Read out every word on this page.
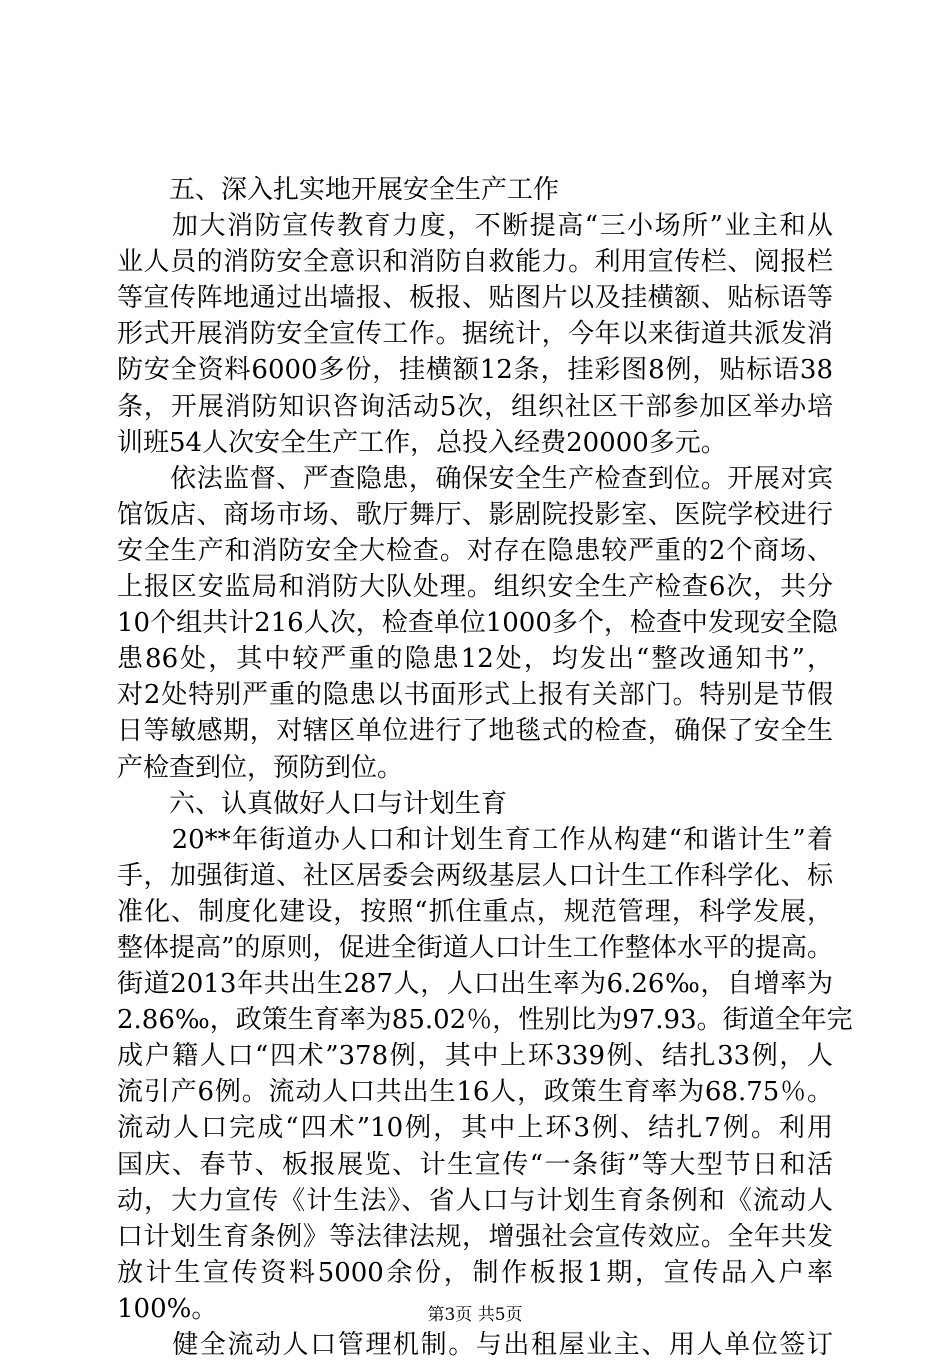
　　五、深入扎实地开展安全生产工作
　　加大消防宣传教育力度，不断提高“三小场所”业主和从
业人员的消防安全意识和消防自救能力。利用宣传栏、阅报栏
等宣传阵地通过出墙报、板报、贴图片以及挂横额、贴标语等
形式开展消防安全宣传工作。据统计，今年以来街道共派发消
防安全资料6000多份，挂横额12条，挂彩图8例，贴标语38
条，开展消防知识咨询活动5次，组织社区干部参加区举办培
训班54人次安全生产工作，总投入经费20000多元。
　　依法监督、严查隐患，确保安全生产检查到位。开展对宾
馆饭店、商场市场、歌厅舞厅、影剧院投影室、医院学校进行
安全生产和消防安全大检查。对存在隐患较严重的2个商场、
上报区安监局和消防大队处理。组织安全生产检查6次，共分
10个组共计216人次，检查单位1000多个，检查中发现安全隐
患86处，其中较严重的隐患12处，均发出“整改通知书”，
对2处特别严重的隐患以书面形式上报有关部门。特别是节假
日等敏感期，对辖区单位进行了地毯式的检查，确保了安全生
产检查到位，预防到位。
　　六、认真做好人口与计划生育
　　20**年街道办人口和计划生育工作从构建“和谐计生”着
手，加强街道、社区居委会两级基层人口计生工作科学化、标
准化、制度化建设，按照“抓住重点，规范管理，科学发展，
整体提高”的原则，促进全街道人口计生工作整体水平的提高。
街道2013年共出生287人，人口出生率为6.26‰，自增率为
2.86‰，政策生育率为85.02％，性别比为97.93。街道全年完
成户籍人口“四术”378例，其中上环339例、结扎33例，人
流引产6例。流动人口共出生16人，政策生育率为68.75％。
流动人口完成“四术”10例，其中上环3例、结扎7例。利用
国庆、春节、板报展览、计生宣传“一条街”等大型节日和活
动，大力宣传《计生法》、省人口与计划生育条例和《流动人
口计划生育条例》等法律法规，增强社会宣传效应。全年共发
放计生宣传资料5000余份，制作板报1期，宣传品入户率
100%。
　　健全流动人口管理机制。与出租屋业主、用人单位签订
第3页 共5页
